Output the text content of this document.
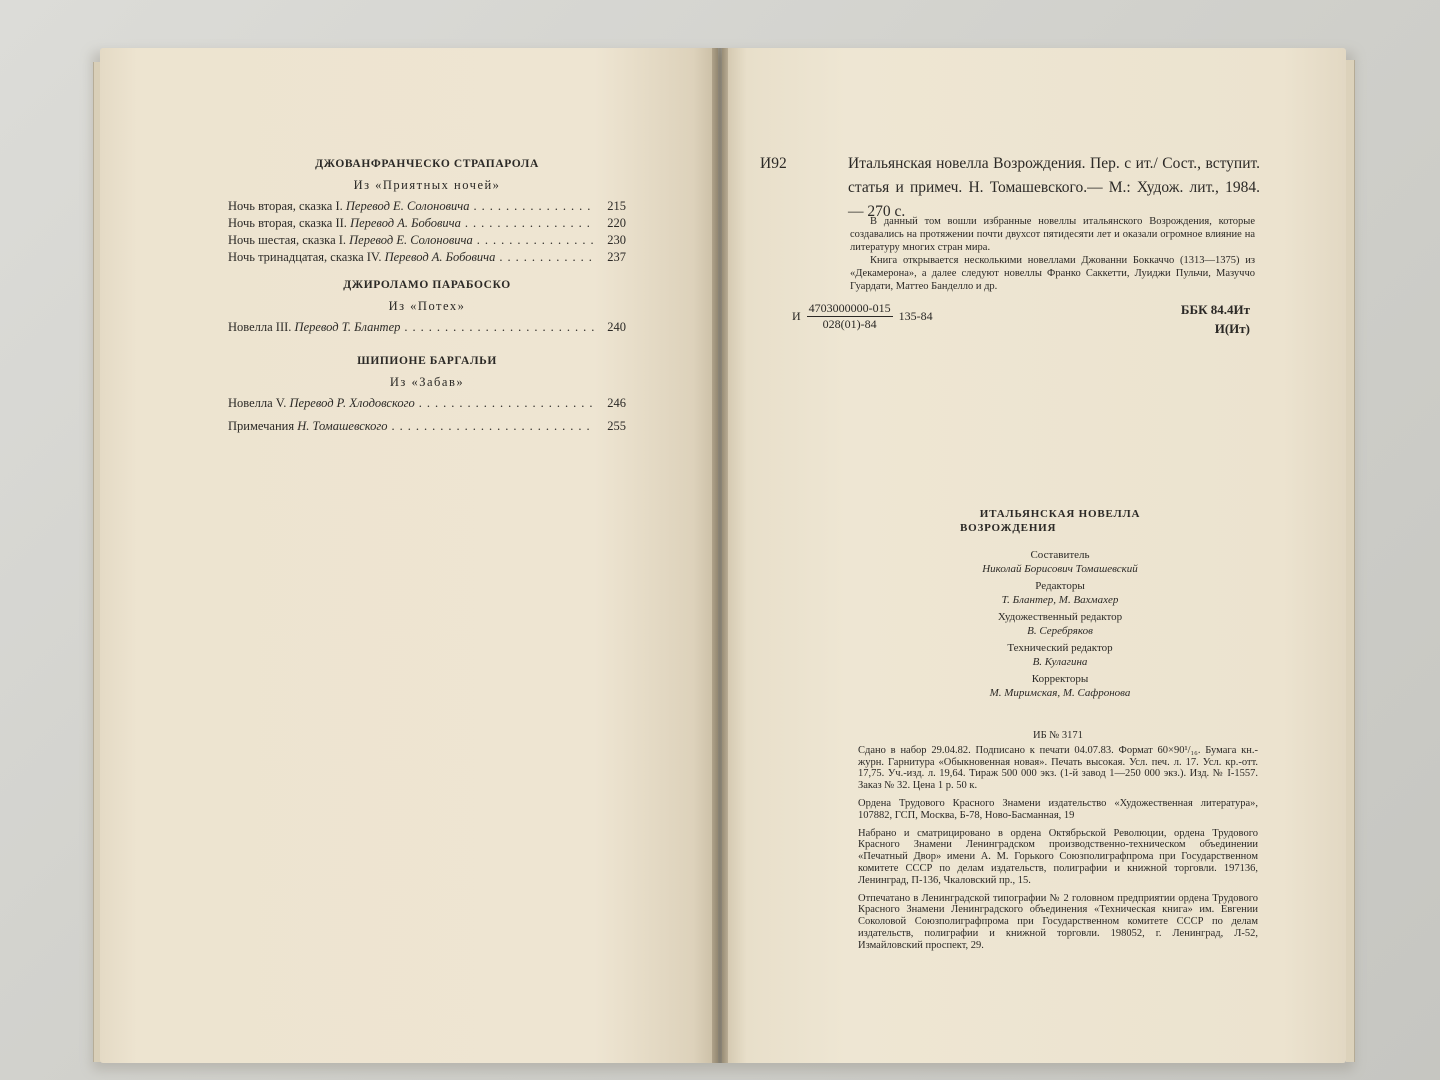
ДЖОВАНФРАНЧЕСКО СТРАПАРОЛА
Из «Приятных ночей»
Ночь вторая, сказка I. Перевод Е. Солоновича .....	215
Ночь вторая, сказка II. Перевод А. Бобовича .....	220
Ночь шестая, сказка I. Перевод Е. Солоновича .....	230
Ночь тринадцатая, сказка IV. Перевод А. Бобовича .....	237
ДЖИРОЛАМО ПАРАБОСКО
Из «Потех»
Новелла III. Перевод Т. Блантер .....	240
ШИПИОНЕ БАРГАЛЬИ
Из «Забав»
Новелла V. Перевод Р. Хлодовского .....	246
Примечания Н. Томашевского .....	255
И92	Итальянская новелла Возрождения. Пер. с ит./ Сост., вступит. статья и примеч. Н. Томашевского.— М.: Худож. лит., 1984. — 270 с.

В данный том вошли избранные новеллы итальянского Возрождения, которые создавались на протяжении почти двухсот пятидесяти лет и оказали огромное влияние на литературу многих стран мира.

Книга открывается несколькими новеллами Джованни Боккаччо (1313—1375) из «Декамерона», а далее следуют новеллы Франко Саккетти, Луиджи Пульчи, Мазуччо Гуардати, Маттео Банделло и др.

И $\frac{4703000000-015}{028(01)-84} 135-84$	ББК 84.4Ит
И(Ит)
ИТАЛЬЯНСКАЯ НОВЕЛЛА
ВОЗРОЖДЕНИЯ
Составитель
Николай Борисович Томашевский
Редакторы
Т. Блантер, М. Вахмахер
Художественный редактор
В. Серебряков
Технический редактор
В. Кулагина
Корректоры
М. Миримская, М. Сафронова
ИБ № 3171

Сдано в набор 29.04.82. Подписано к печати 04.07.83. Формат 60×90¹/₁₆. Бумага кн.-журн. Гарнитура «Обыкновенная новая». Печать высокая. Усл. печ. л. 17. Усл. кр.-отт. 17,75. Уч.-изд. л. 19,64. Тираж 500 000 экз. (1-й завод 1—250 000 экз.). Изд. № I-1557. Заказ № 32. Цена 1 р. 50 к.

Ордена Трудового Красного Знамени издательство «Художественная литература», 107882, ГСП, Москва, Б-78, Ново-Басманная, 19

Набрано и сматрицировано в ордена Октябрьской Революции, ордена Трудового Красного Знамени Ленинградском производственно-техническом объединении «Печатный Двор» имени А. М. Горького Союзполиграфпрома при Государственном комитете СССР по делам издательств, полиграфии и книжной торговли. 197136, Ленинград, П-136, Чкаловский пр., 15.

Отпечатано в Ленинградской типографии № 2 головном предприятии ордена Трудового Красного Знамени Ленинградского объединения «Техническая книга» им. Евгении Соколовой Союзполиграфпрома при Государственном комитете СССР по делам издательств, полиграфии и книжной торговли. 198052, г. Ленинград, Л-52, Измайловский проспект, 29.
